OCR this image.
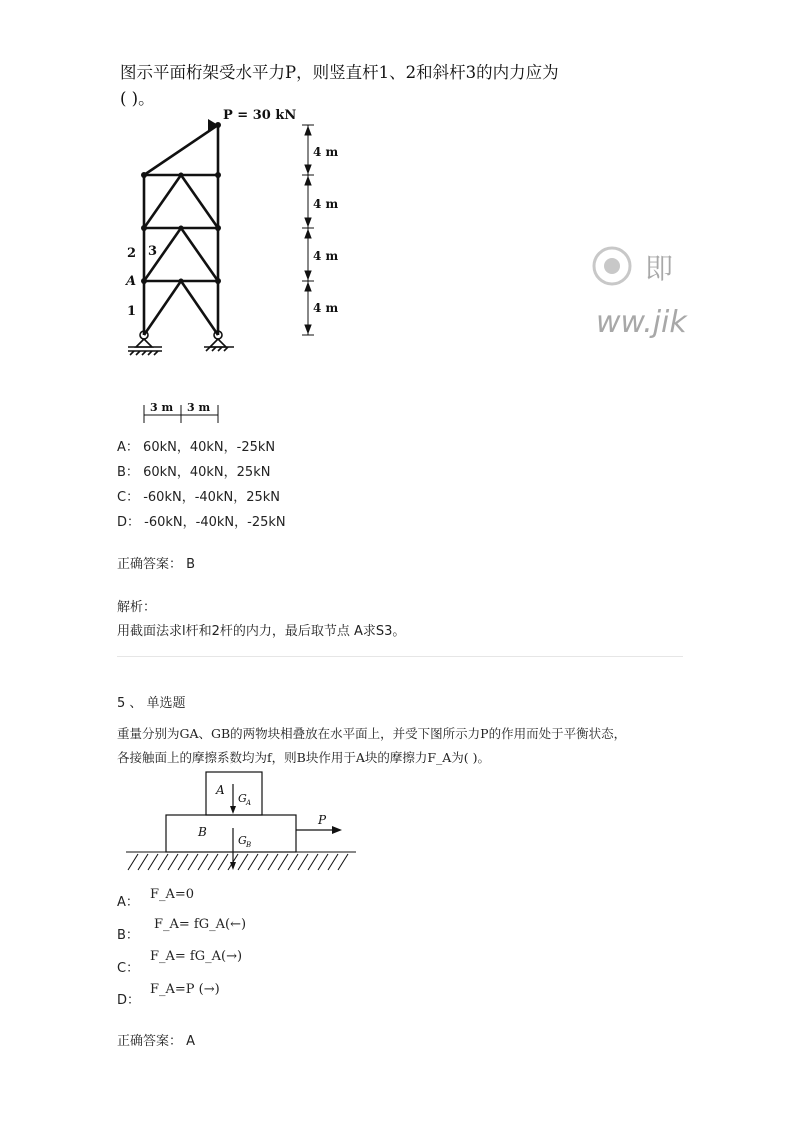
即
ww.jik
图示平面桁架受水平力P，则竖直杆1、2和斜杆3的内力应为
( )。
P = 30 kN
2 3
A
1
4 m
4 m
4 m
4 m
3 m 3 m
A： 60kN，40kN，-25kN
B： 60kN，40kN，25kN
C： -60kN，-40kN，25kN
D： -60kN，-40kN，-25kN
正确答案： B
解析：
用截面法求l杆和2杆的内力，最后取节点 A求S3。
5 、 单选题
重量分别为GA、GB的两物块相叠放在水平面上，并受下图所示力P的作用而处于平衡状态，
各接触面上的摩擦系数均为f，则B块作用于A块的摩擦力F_A为( )。
A
G A
B
G B
P
A：
F_A=0
B：
F_A= fG_A(←)
C：
F_A= fG_A(→)
D：
F_A=P (→)
正确答案： A
